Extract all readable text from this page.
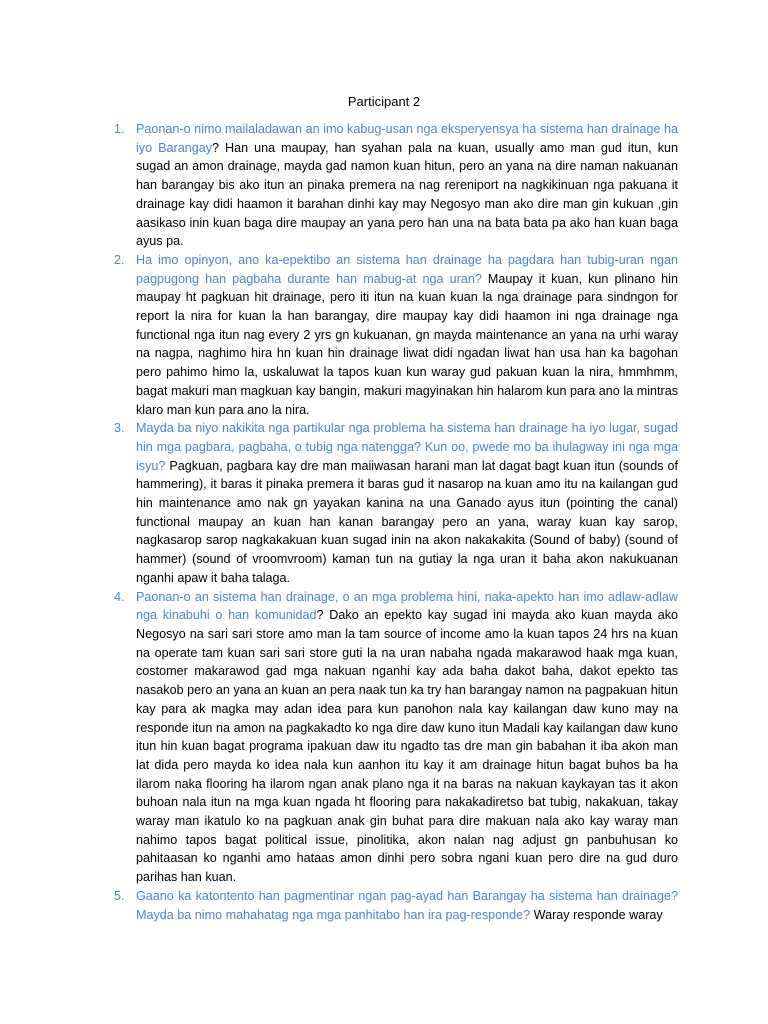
Participant 2
1. Paonan-o nimo mailaladawan an imo kabug-usan nga eksperyensya ha sistema han drainage ha iyo Barangay? Han una maupay, han syahan pala na kuan, usually amo man gud itun, kun sugad an amon drainage, mayda gad namon kuan hitun, pero an yana na dire naman nakuanan han barangay bis ako itun an pinaka premera na nag rereniport na nagkikinuan nga pakuana it drainage kay didi haamon it barahan dinhi kay may Negosyo man ako dire man gin kukuan ,gin aasikaso inin kuan baga dire maupay an yana pero han una na bata bata pa ako han kuan baga ayus pa.
2. Ha imo opinyon, ano ka-epektibo an sistema han drainage ha pagdara han tubig-uran ngan pagpugong han pagbaha durante han mabug-at nga uran? Maupay it kuan, kun plinano hin maupay ht pagkuan hit drainage, pero iti itun na kuan kuan la nga drainage para sindngon for report la nira for kuan la han barangay, dire maupay kay didi haamon ini nga drainage nga functional nga itun nag every 2 yrs gn kukuanan, gn mayda maintenance an yana na urhi waray na nagpa, naghimo hira hn kuan hin drainage liwat didi ngadan liwat han usa han ka bagohan pero pahimo himo la, uskaluwat la tapos kuan kun waray gud pakuan kuan la nira, hmmhmm, bagat makuri man magkuan kay bangin, makuri magyinakan hin halarom kun para ano la mintras klaro man kun para ano la nira.
3. Mayda ba niyo nakikita nga partikular nga problema ha sistema han drainage ha iyo lugar, sugad hin mga pagbara, pagbaha, o tubig nga natengga? Kun oo, pwede mo ba ihulagway ini nga mga isyu? Pagkuan, pagbara kay dre man maiiwasan harani man lat dagat bagt kuan itun (sounds of hammering), it baras it pinaka premera it baras gud it nasarop na kuan amo itu na kailangan gud hin maintenance amo nak gn yayakan kanina na una Ganado ayus itun (pointing the canal) functional maupay an kuan han kanan barangay pero an yana, waray kuan kay sarop, nagkasarop sarop nagkakakuan kuan sugad inin na akon nakakakita (Sound of baby) (sound of hammer) (sound of vroomvroom) kaman tun na gutiay la nga uran it baha akon nakukuanan nganhi apaw it baha talaga.
4. Paonan-o an sistema han drainage, o an mga problema hini, naka-apekto han imo adlaw-adlaw nga kinabuhi o han komunidad? Dako an epekto kay sugad ini mayda ako kuan mayda ako Negosyo na sari sari store amo man la tam source of income amo la kuan tapos 24 hrs na kuan na operate tam kuan sari sari store guti la na uran nabaha ngada makarawod haak mga kuan, costomer makarawod gad mga nakuan nganhi kay ada baha dakot baha, dakot epekto tas nasakob pero an yana an kuan an pera naak tun ka try han barangay namon na pagpakuan hitun kay para ak magka may adan idea para kun panohon nala kay kailangan daw kuno may na responde itun na amon na pagkakadto ko nga dire daw kuno itun Madali kay kailangan daw kuno itun hin kuan bagat programa ipakuan daw itu ngadto tas dre man gin babahan it iba akon man lat dida pero mayda ko idea nala kun aanhon itu kay it am drainage hitun bagat buhos ba ha ilarom naka flooring ha ilarom ngan anak plano nga it na baras na nakuan kaykayan tas it akon buhoan nala itun na mga kuan ngada ht flooring para nakakadiretso bat tubig, nakakuan, takay waray man ikatulo ko na pagkuan anak gin buhat para dire makuan nala ako kay waray man nahimo tapos bagat political issue, pinolitika, akon nalan nag adjust gn panbuhusan ko pahitaasan ko nganhi amo hataas amon dinhi pero sobra ngani kuan pero dire na gud duro parihas han kuan.
5. Gaano ka katontento han pagmentinar ngan pag-ayad han Barangay ha sistema han drainage? Mayda ba nimo mahahatag nga mga panhitabo han ira pag-responde? Waray responde waray
